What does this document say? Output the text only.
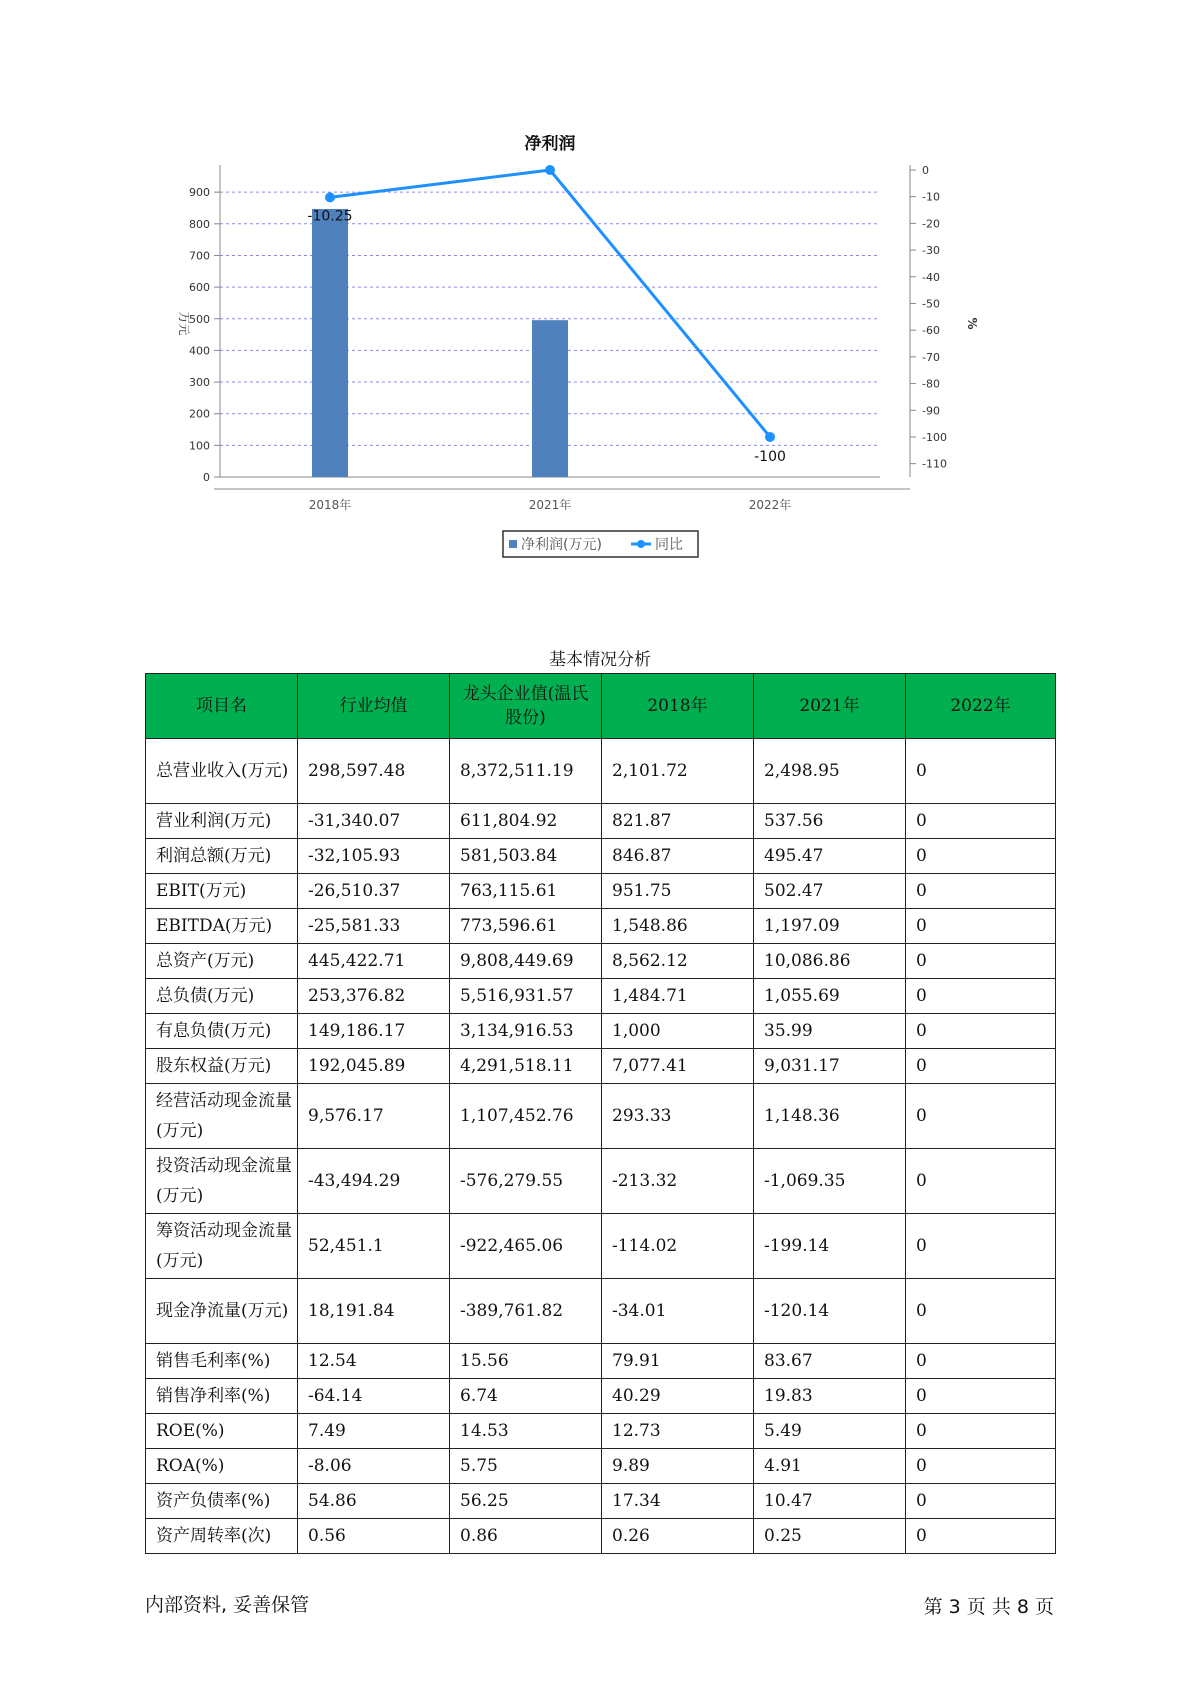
净利润
0
100
200
300
400
500
600
700
800
900
0
-10
-20
-30
-40
-50
-60
-70
-80
-90
-100
-110
万元	%
2018年	2021年	2022年
-10.25
-100
净利润(万元)	同比
基本情况分析
项目名	行业均值	龙头企业值(温氏股份)	2018年	2021年	2022年
总营业收入(万元)	298,597.48	8,372,511.19	2,101.72	2,498.95	0
营业利润(万元)	-31,340.07	611,804.92	821.87	537.56	0
利润总额(万元)	-32,105.93	581,503.84	846.87	495.47	0
EBIT(万元)	-26,510.37	763,115.61	951.75	502.47	0
EBITDA(万元)	-25,581.33	773,596.61	1,548.86	1,197.09	0
总资产(万元)	445,422.71	9,808,449.69	8,562.12	10,086.86	0
总负债(万元)	253,376.82	5,516,931.57	1,484.71	1,055.69	0
有息负债(万元)	149,186.17	3,134,916.53	1,000	35.99	0
股东权益(万元)	192,045.89	4,291,518.11	7,077.41	9,031.17	0
经营活动现金流量(万元)	9,576.17	1,107,452.76	293.33	1,148.36	0
投资活动现金流量(万元)	-43,494.29	-576,279.55	-213.32	-1,069.35	0
筹资活动现金流量(万元)	52,451.1	-922,465.06	-114.02	-199.14	0
现金净流量(万元)	18,191.84	-389,761.82	-34.01	-120.14	0
销售毛利率(%)	12.54	15.56	79.91	83.67	0
销售净利率(%)	-64.14	6.74	40.29	19.83	0
ROE(%)	7.49	14.53	12.73	5.49	0
ROA(%)	-8.06	5.75	9.89	4.91	0
资产负债率(%)	54.86	56.25	17.34	10.47	0
资产周转率(次)	0.56	0.86	0.26	0.25	0
内部资料, 妥善保管	第 3 页 共 8 页
